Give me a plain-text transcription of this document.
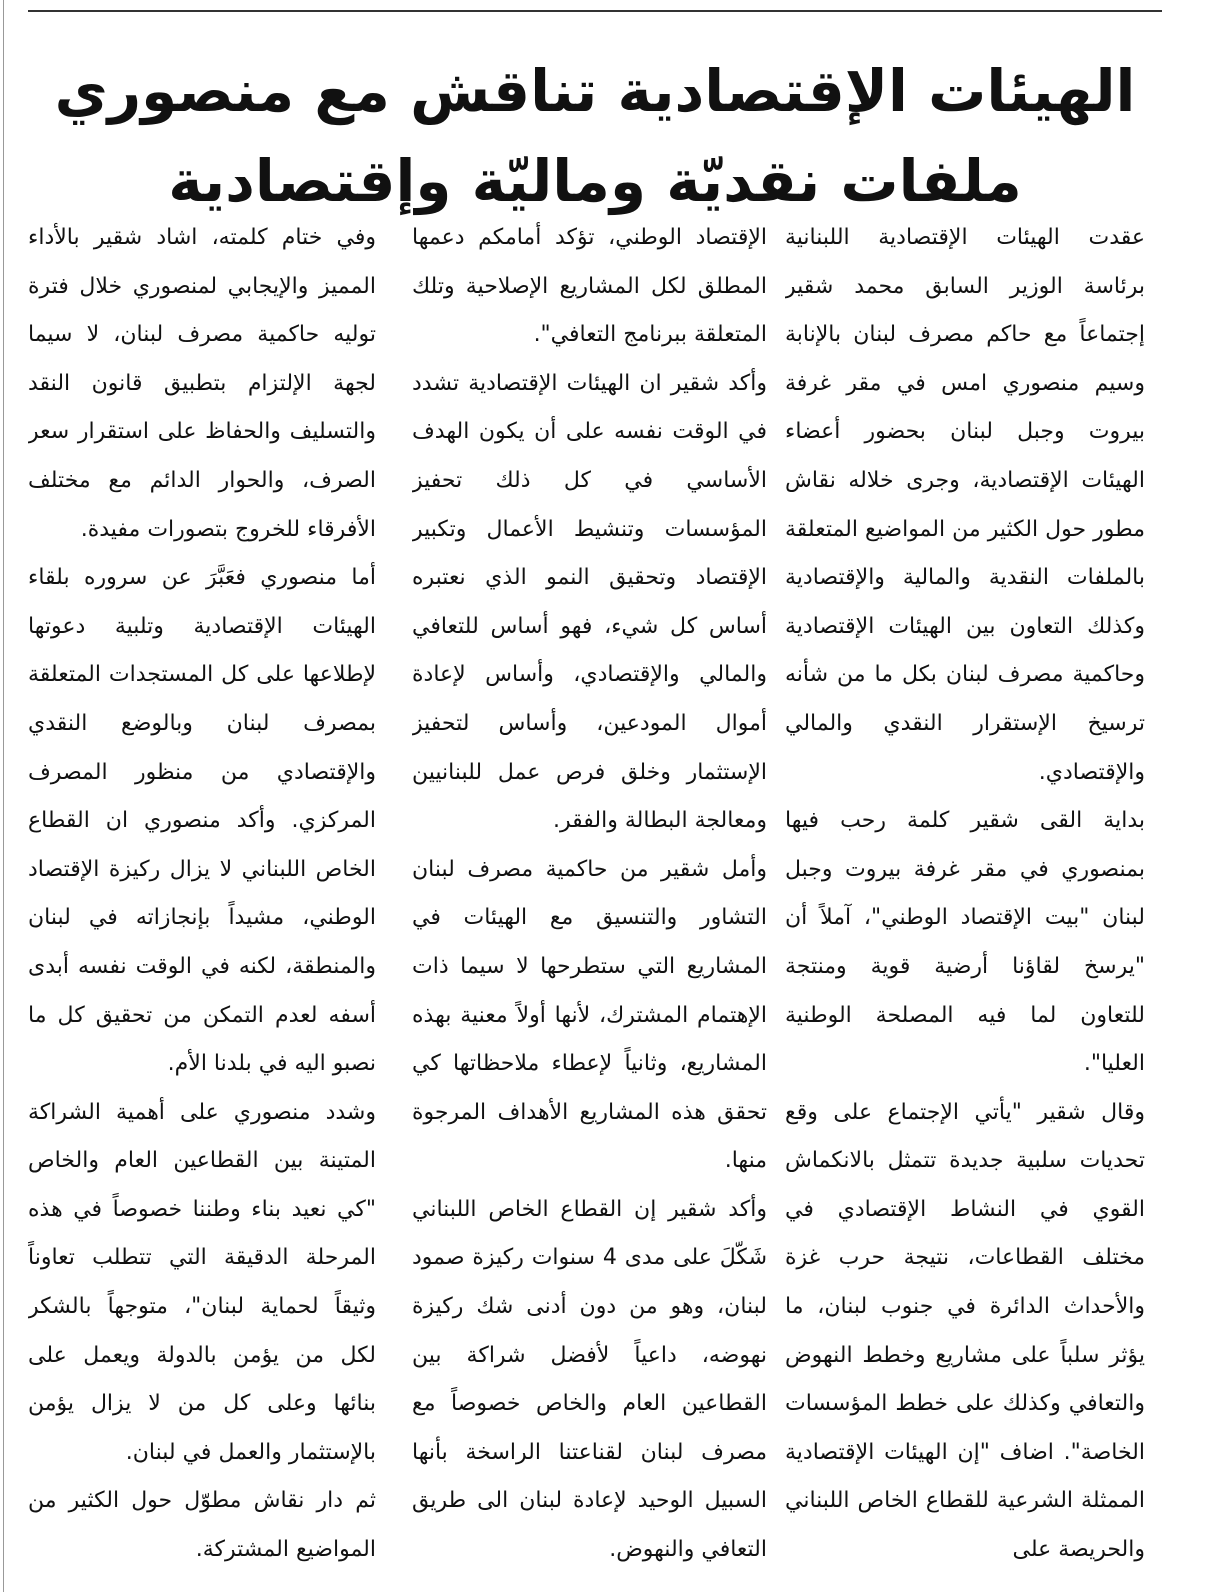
الهيئات الإقتصادية تناقش مع منصوري
ملفات نقديّة وماليّة وإقتصادية

عقدت الهيئات الإقتصادية اللبنانية برئاسة الوزير السابق محمد شقير إجتماعاً مع حاكم مصرف لبنان بالإنابة وسيم منصوري امس في مقر غرفة بيروت وجبل لبنان بحضور أعضاء الهيئات الإقتصادية، وجرى خلاله نقاش مطور حول الكثير من المواضيع المتعلقة بالملفات النقدية والمالية والإقتصادية وكذلك التعاون بين الهيئات الإقتصادية وحاكمية مصرف لبنان بكل ما من شأنه ترسيخ الإستقرار النقدي والمالي والإقتصادي.

بداية القى شقير كلمة رحب فيها بمنصوري في مقر غرفة بيروت وجبل لبنان "بيت الإقتصاد الوطني"، آملاً أن "يرسخ لقاؤنا أرضية قوية ومنتجة للتعاون لما فيه المصلحة الوطنية العليا".

وقال شقير "يأتي الإجتماع على وقع تحديات سلبية جديدة تتمثل بالانكماش القوي في النشاط الإقتصادي في مختلف القطاعات، نتيجة حرب غزة والأحداث الدائرة في جنوب لبنان، ما يؤثر سلباً على مشاريع وخطط النهوض والتعافي وكذلك على خطط المؤسسات الخاصة". اضاف "إن الهيئات الإقتصادية الممثلة الشرعية للقطاع الخاص اللبناني والحريصة على

الإقتصاد الوطني، تؤكد أمامكم دعمها المطلق لكل المشاريع الإصلاحية وتلك المتعلقة ببرنامج التعافي".

وأكد شقير ان الهيئات الإقتصادية تشدد في الوقت نفسه على أن يكون الهدف الأساسي في كل ذلك تحفيز المؤسسات وتنشيط الأعمال وتكبير الإقتصاد وتحقيق النمو الذي نعتبره أساس كل شيء، فهو أساس للتعافي والمالي والإقتصادي، وأساس لإعادة أموال المودعين، وأساس لتحفيز الإستثمار وخلق فرص عمل للبنانيين ومعالجة البطالة والفقر.

وأمل شقير من حاكمية مصرف لبنان التشاور والتنسيق مع الهيئات في المشاريع التي ستطرحها لا سيما ذات الإهتمام المشترك، لأنها أولاً معنية بهذه المشاريع، وثانياً لإعطاء ملاحظاتها كي تحقق هذه المشاريع الأهداف المرجوة منها.

وأكد شقير إن القطاع الخاص اللبناني شَكّلَ على مدى 4 سنوات ركيزة صمود لبنان، وهو من دون أدنى شك ركيزة نهوضه، داعياً لأفضل شراكة بين القطاعين العام والخاص خصوصاً مع مصرف لبنان لقناعتنا الراسخة بأنها السبيل الوحيد لإعادة لبنان الى طريق التعافي والنهوض.

وفي ختام كلمته، اشاد شقير بالأداء المميز والإيجابي لمنصوري خلال فترة توليه حاكمية مصرف لبنان، لا سيما لجهة الإلتزام بتطبيق قانون النقد والتسليف والحفاظ على استقرار سعر الصرف، والحوار الدائم مع مختلف الأفرقاء للخروج بتصورات مفيدة.

أما منصوري فعَبَّرَ عن سروره بلقاء الهيئات الإقتصادية وتلبية دعوتها لإطلاعها على كل المستجدات المتعلقة بمصرف لبنان وبالوضع النقدي والإقتصادي من منظور المصرف المركزي. وأكد منصوري ان القطاع الخاص اللبناني لا يزال ركيزة الإقتصاد الوطني، مشيداً بإنجازاته في لبنان والمنطقة، لكنه في الوقت نفسه أبدى أسفه لعدم التمكن من تحقيق كل ما نصبو اليه في بلدنا الأم.

وشدد منصوري على أهمية الشراكة المتينة بين القطاعين العام والخاص "كي نعيد بناء وطننا خصوصاً في هذه المرحلة الدقيقة التي تتطلب تعاوناً وثيقاً لحماية لبنان"، متوجهاً بالشكر لكل من يؤمن بالدولة ويعمل على بنائها وعلى كل من لا يزال يؤمن بالإستثمار والعمل في لبنان.

ثم دار نقاش مطوّل حول الكثير من المواضيع المشتركة.
